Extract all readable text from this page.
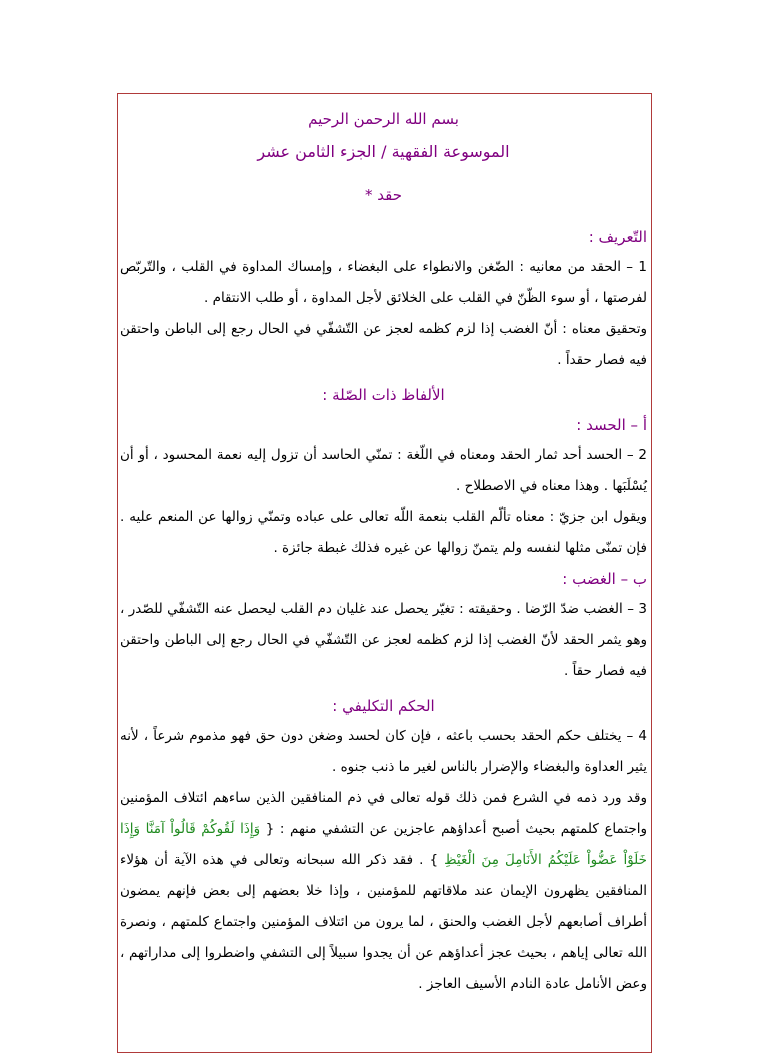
بسم الله الرحمن الرحيم
الموسوعة الفقهية / الجزء الثامن عشر
حقد *
التّعريف :

1 – الحقد من معانيه : الضّغن والانطواء على البغضاء ، وإمساك المداوة في القلب ، والتّربّص لفرصتها ، أو سوء الظّنّ في القلب على الخلائق لأجل المداوة ، أو طلب الانتقام .

وتحقيق معناه : أنّ الغضب إذا لزم كظمه لعجز عن التّشفّي في الحال رجع إلى الباطن واحتقن فيه فصار حقداً .

الألفاظ ذات الصّلة :
أ – الحسد :

2 – الحسد أحد ثمار الحقد ومعناه في اللّغة : تمنّي الحاسد أن تزول إليه نعمة المحسود ، أو أن يُسْلَبَها . وهذا معناه في الاصطلاح .

ويقول ابن جزيّ : معناه تألّم القلب بنعمة اللّه تعالى على عباده وتمنّي زوالها عن المنعم عليه . فإن تمنّى مثلها لنفسه ولم يتمنّ زوالها عن غيره فذلك غبطة جائزة .

ب – الغضب :

3 – الغضب ضدّ الرّضا . وحقيقته : تغيّر يحصل عند غليان دم القلب ليحصل عنه التّشفّي للصّدر ، وهو يثمر الحقد لأنّ الغضب إذا لزم كظمه لعجز عن التّشفّي في الحال رجع إلى الباطن واحتقن فيه فصار حقاً .

الحكم التكليفي :

4 – يختلف حكم الحقد بحسب باعثه ، فإن كان لحسد وضغن دون حق فهو مذموم شرعاً ، لأنه يثير العداوة والبغضاء والإضرار بالناس لغير ما ذنب جنوه .

وقد ورد ذمه في الشرع فمن ذلك قوله تعالى في ذم المنافقين الذين ساءهم ائتلاف المؤمنين واجتماع كلمتهم بحيث أصبح أعداؤهم عاجزين عن التشفي منهم : { وَإِذَا لَقُوكُمْ قَالُواْ آمَنَّا وَإِذَا خَلَوْاْ عَضُّواْ عَلَيْكُمُ الأَنَامِلَ مِنَ الْغَيْظِ } . فقد ذكر الله سبحانه وتعالى في هذه الآية أن هؤلاء المنافقين يظهرون الإيمان عند ملاقاتهم للمؤمنين ، وإذا خلا بعضهم إلى بعض فإنهم يمضون أطراف أصابعهم لأجل الغضب والحنق ، لما يرون من ائتلاف المؤمنين واجتماع كلمتهم ، ونصرة الله تعالى إياهم ، بحيث عجز أعداؤهم عن أن يجدوا سبيلاً إلى التشفي واضطروا إلى مداراتهم ، وعض الأنامل عادة النادم الأسيف العاجز .
